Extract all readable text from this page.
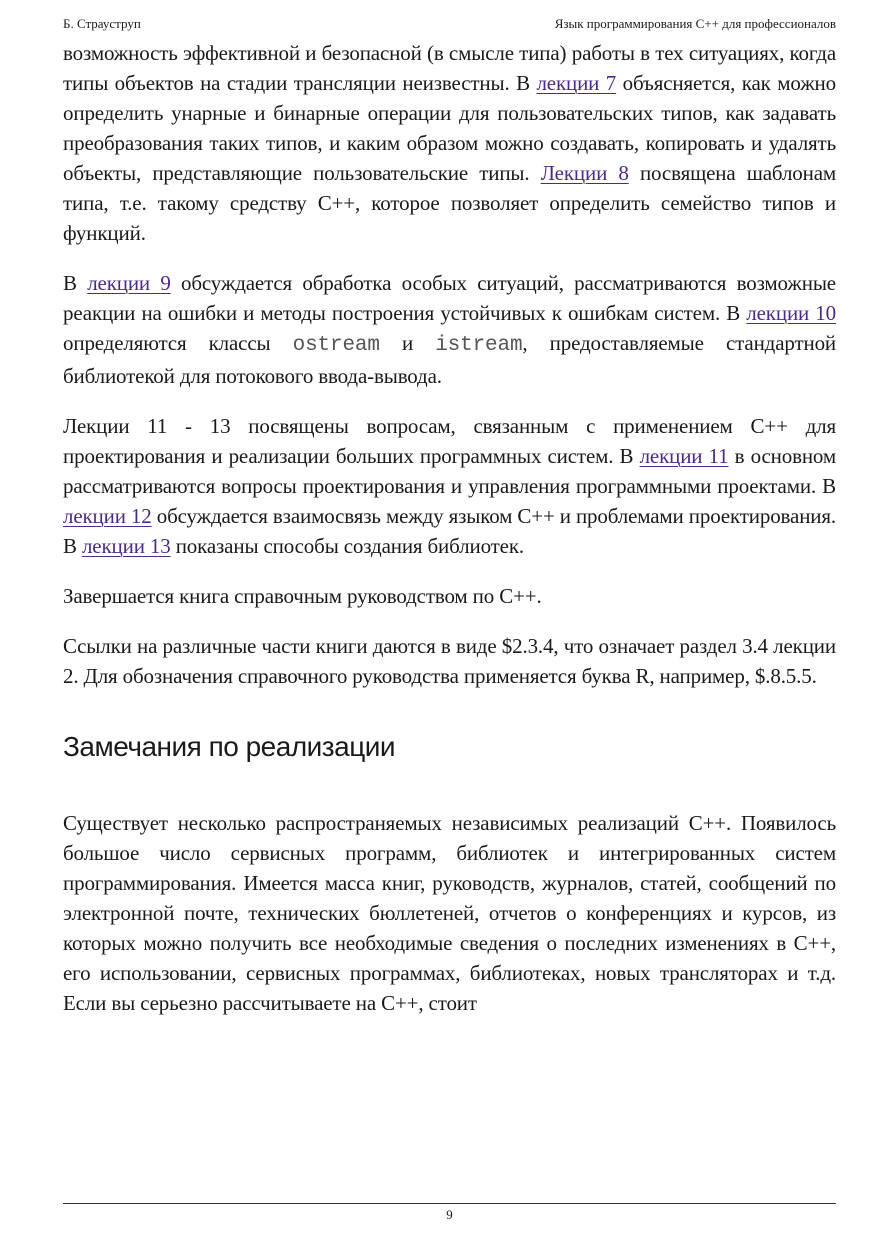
Б. Страуструп	Язык программирования С++ для профессионалов

возможность эффективной и безопасной (в смысле типа) работы в тех ситуациях, когда типы объектов на стадии трансляции неизвестны. В лекции 7 объясняется, как можно определить унарные и бинарные операции для пользовательских типов, как задавать преобразования таких типов, и каким образом можно создавать, копировать и удалять объекты, представляющие пользовательские типы. Лекции 8 посвящена шаблонам типа, т.е. такому средству С++, которое позволяет определить семейство типов и функций.

В лекции 9 обсуждается обработка особых ситуаций, рассматриваются возможные реакции на ошибки и методы построения устойчивых к ошибкам систем. В лекции 10 определяются классы ostream и istream, предоставляемые стандартной библиотекой для потокового ввода-вывода.

Лекции 11 - 13 посвящены вопросам, связанным с применением С++ для проектирования и реализации больших программных систем. В лекции 11 в основном рассматриваются вопросы проектирования и управления программными проектами. В лекции 12 обсуждается взаимосвязь между языком С++ и проблемами проектирования. В лекции 13 показаны способы создания библиотек.

Завершается книга справочным руководством по С++.

Ссылки на различные части книги даются в виде $2.3.4, что означает раздел 3.4 лекции 2. Для обозначения справочного руководства применяется буква R, например, $.8.5.5.

Замечания по реализации

Существует несколько распространяемых независимых реализаций С++. Появилось большое число сервисных программ, библиотек и интегрированных систем программирования. Имеется масса книг, руководств, журналов, статей, сообщений по электронной почте, технических бюллетеней, отчетов о конференциях и курсов, из которых можно получить все необходимые сведения о последних изменениях в С++, его использовании, сервисных программах, библиотеках, новых трансляторах и т.д. Если вы серьезно рассчитываете на С++, стоит

9
